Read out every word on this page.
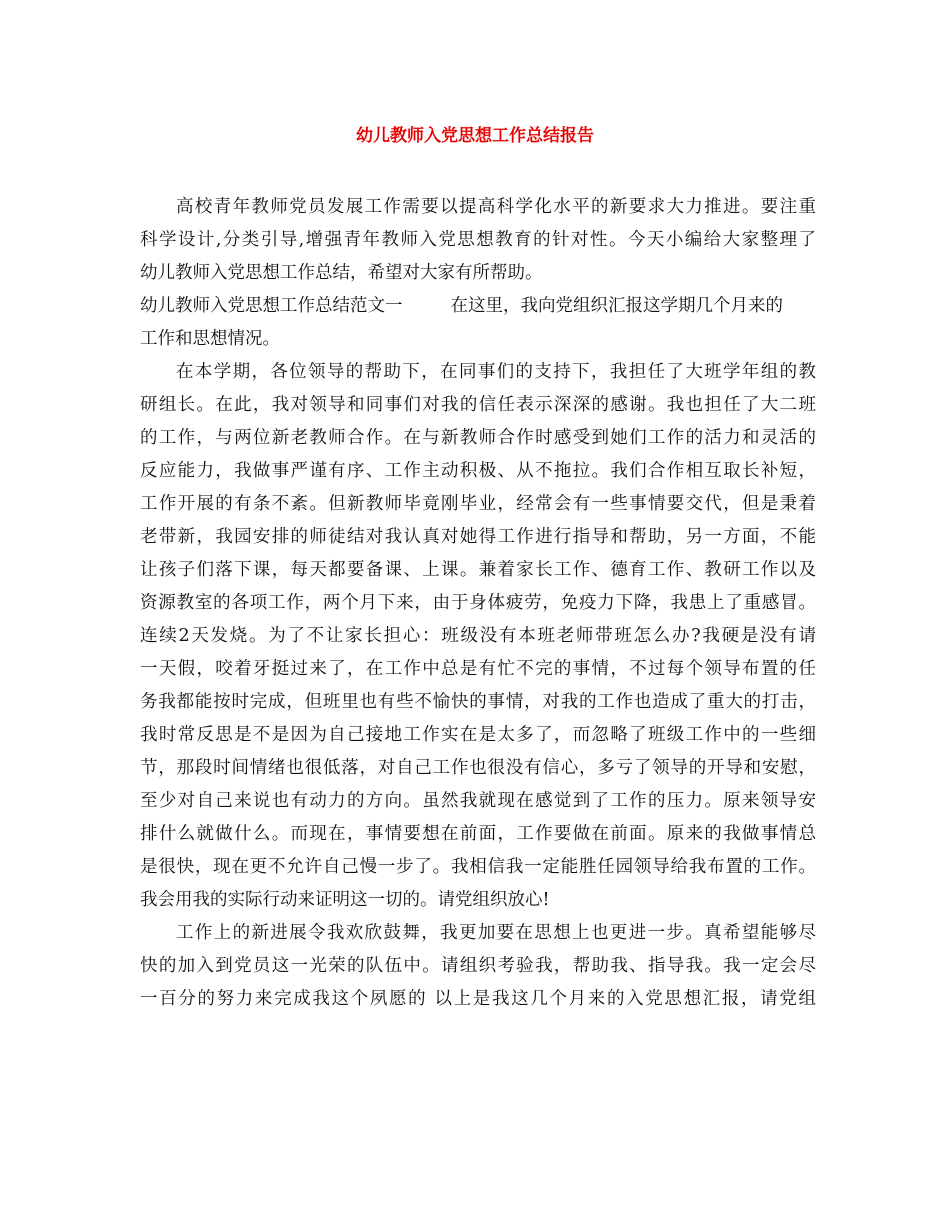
幼儿教师入党思想工作总结报告
高校青年教师党员发展工作需要以提高科学化水平的新要求大力推进。要注重
科学设计,分类引导,增强青年教师入党思想教育的针对性。今天小编给大家整理了
幼儿教师入党思想工作总结，希望对大家有所帮助。
幼儿教师入党思想工作总结范文一	在这里，我向党组织汇报这学期几个月来的
工作和思想情况。
在本学期，各位领导的帮助下，在同事们的支持下，我担任了大班学年组的教
研组长。在此，我对领导和同事们对我的信任表示深深的感谢。我也担任了大二班
的工作，与两位新老教师合作。在与新教师合作时感受到她们工作的活力和灵活的
反应能力，我做事严谨有序、工作主动积极、从不拖拉。我们合作相互取长补短，
工作开展的有条不紊。但新教师毕竟刚毕业，经常会有一些事情要交代，但是秉着
老带新，我园安排的师徒结对我认真对她得工作进行指导和帮助，另一方面，不能
让孩子们落下课，每天都要备课、上课。兼着家长工作、德育工作、教研工作以及
资源教室的各项工作，两个月下来，由于身体疲劳，免疫力下降，我患上了重感冒。
连续2天发烧。为了不让家长担心：班级没有本班老师带班怎么办?我硬是没有请
一天假，咬着牙挺过来了，在工作中总是有忙不完的事情，不过每个领导布置的任
务我都能按时完成，但班里也有些不愉快的事情，对我的工作也造成了重大的打击，
我时常反思是不是因为自己接地工作实在是太多了，而忽略了班级工作中的一些细
节，那段时间情绪也很低落，对自己工作也很没有信心，多亏了领导的开导和安慰，
至少对自己来说也有动力的方向。虽然我就现在感觉到了工作的压力。原来领导安
排什么就做什么。而现在，事情要想在前面，工作要做在前面。原来的我做事情总
是很快，现在更不允许自己慢一步了。我相信我一定能胜任园领导给我布置的工作。
我会用我的实际行动来证明这一切的。请党组织放心!
工作上的新进展令我欢欣鼓舞，我更加要在思想上也更进一步。真希望能够尽
快的加入到党员这一光荣的队伍中。请组织考验我，帮助我、指导我。我一定会尽
一百分的努力来完成我这个夙愿的 以上是我这几个月来的入党思想汇报，请党组
